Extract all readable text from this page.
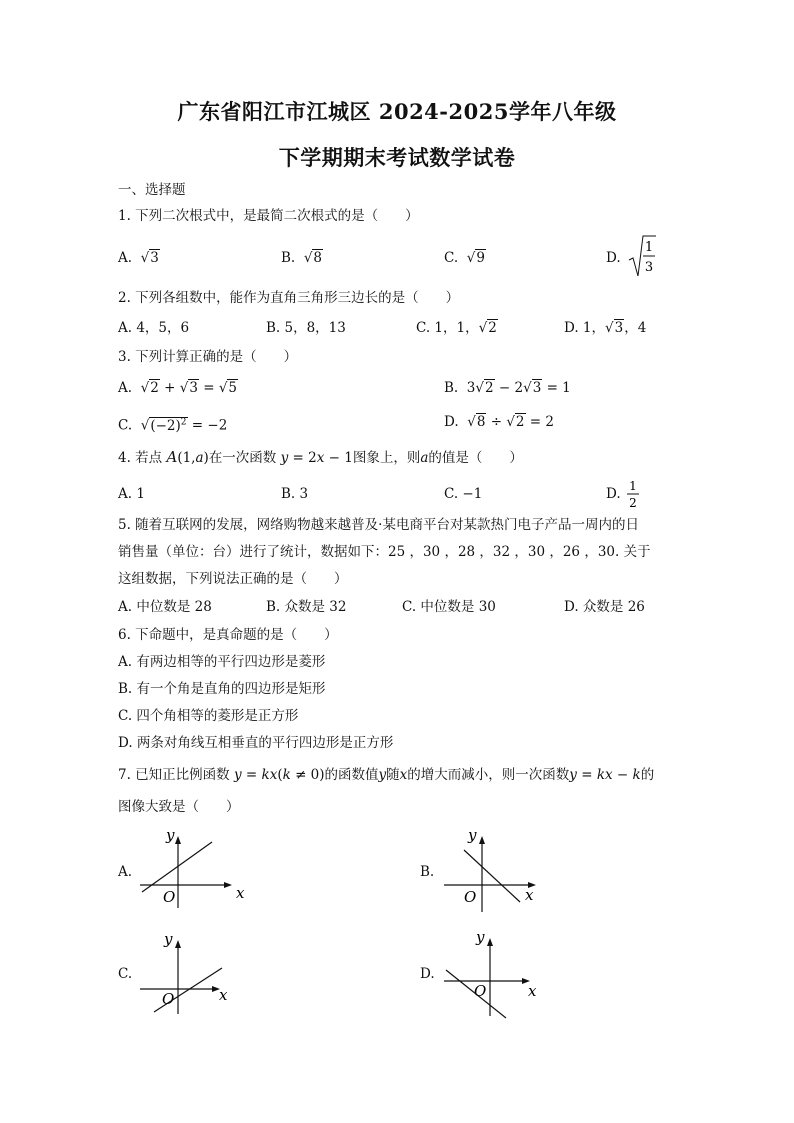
广东省阳江市江城区 2024-2025学年八年级
下学期期末考试数学试卷
一、选择题
1. 下列二次根式中，是最简二次根式的是（　　）
A. √3	B. √8	C. √9	D.
1
3
2. 下列各组数中，能作为直角三角形三边长的是（　　）
A. 4，5，6	B. 5，8，13	C. 1，1，√2	D. 1，√3，4
3. 下列计算正确的是（　　）
A.  √2 + √3 = √5	B.  3√2 − 2√3 = 1
C.  $√(-2)^2 = -2$	D.  √8 ÷ √2 = 2
4. 若点 A(1,a)在一次函数 y = 2x − 1图象上，则a的值是（　　）
A. 1	B. 3	C. −1	D. 1
2
5. 随着互联网的发展，网络购物越来越普及·某电商平台对某款热门电子产品一周内的日
销售量（单位：台）进行了统计，数据如下：25 ，30 ，28 ，32 ，30 ，26 ，30. 关于
这组数据，下列说法正确的是（　　）
A. 中位数是 28	B. 众数是 32	C. 中位数是 30	D. 众数是 26
6. 下命题中，是真命题的是（　　）
A. 有两边相等的平行四边形是菱形
B. 有一个角是直角的四边形是矩形
C. 四个角相等的菱形是正方形
D. 两条对角线互相垂直的平行四边形是正方形
7. 已知正比例函数 y = kx(k ≠ 0)的函数值y随x的增大而减小，则一次函数y = kx − k的
图像大致是（　　）
A.
x
y
O
B.
x
y
O
C.
x
y
O
D.
x
y
O
